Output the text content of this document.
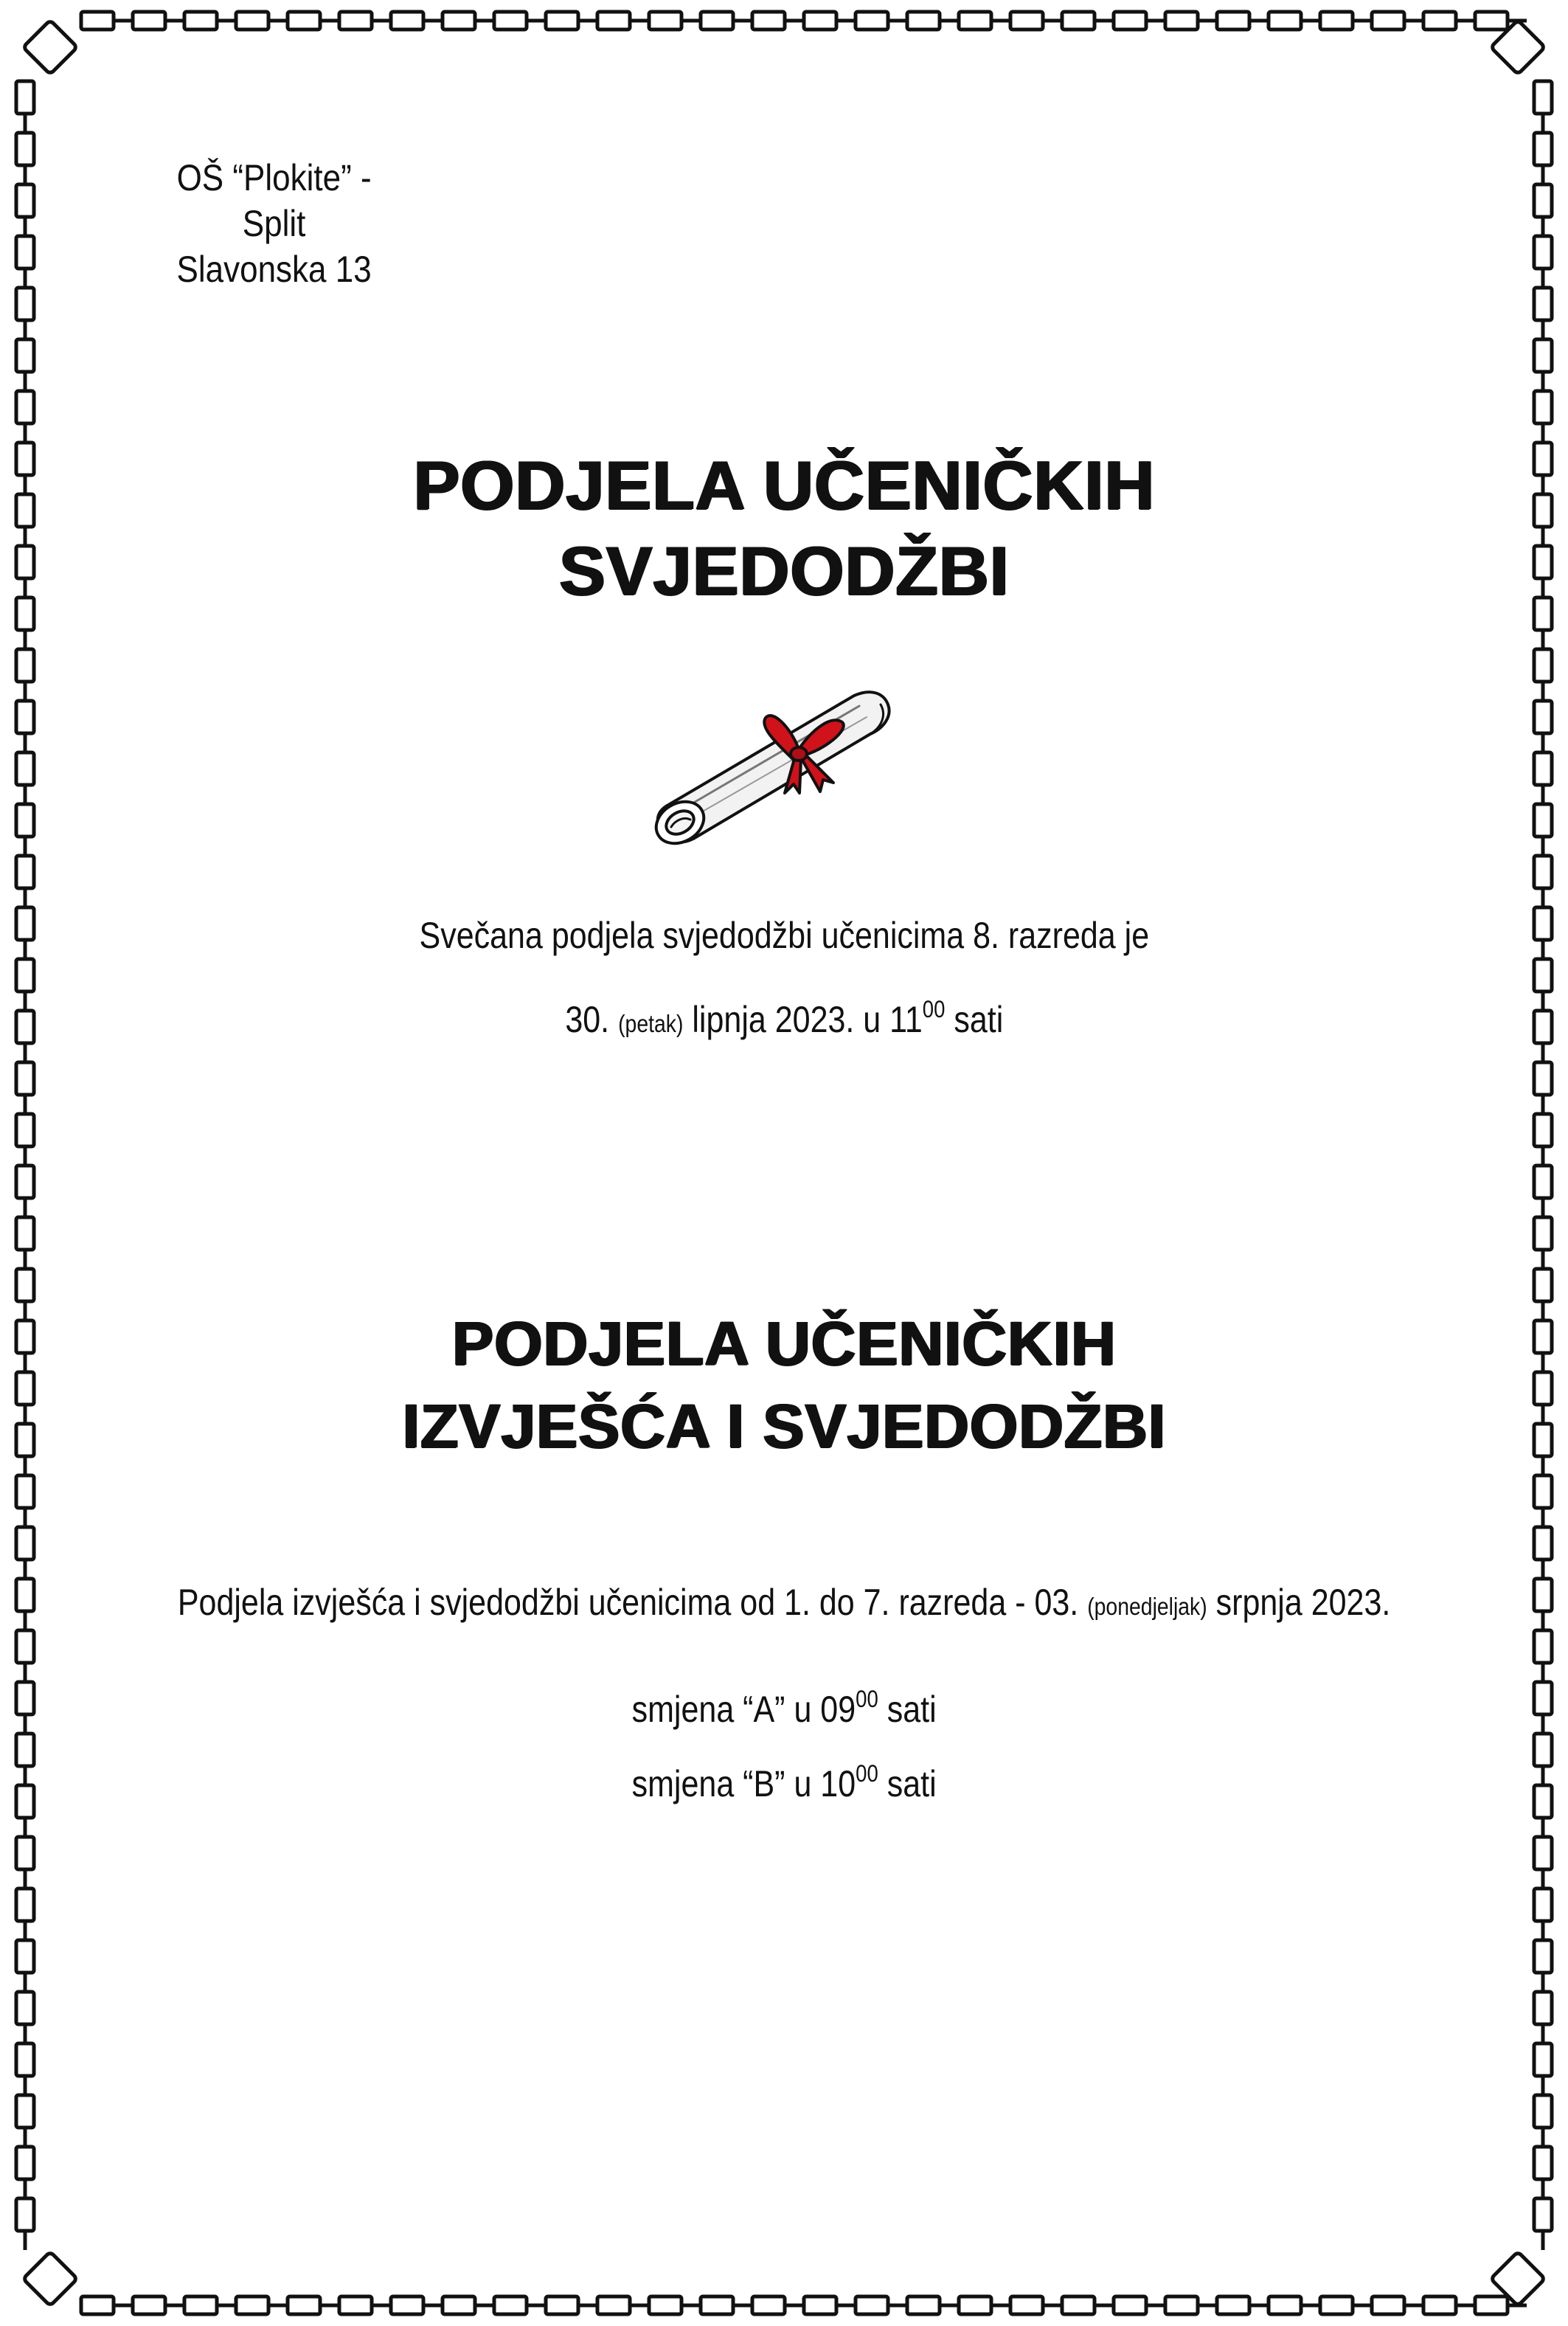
OŠ “Plokite” - Split
Slavonska 13
PODJELA UČENIČKIH
SVJEDODŽBI
Svečana podjela svjedodžbi učenicima 8. razreda je
30. (petak) lipnja 2023. u $11^{00}$ sati
PODJELA UČENIČKIH
IZVJEŠĆA I SVJEDODŽBI
Podjela izvješća i svjedodžbi učenicima od 1. do 7. razreda - 03. (ponedjeljak) srpnja 2023.
smjena “A” u $09^{00}$ sati
smjena “B” u $10^{00}$ sati
